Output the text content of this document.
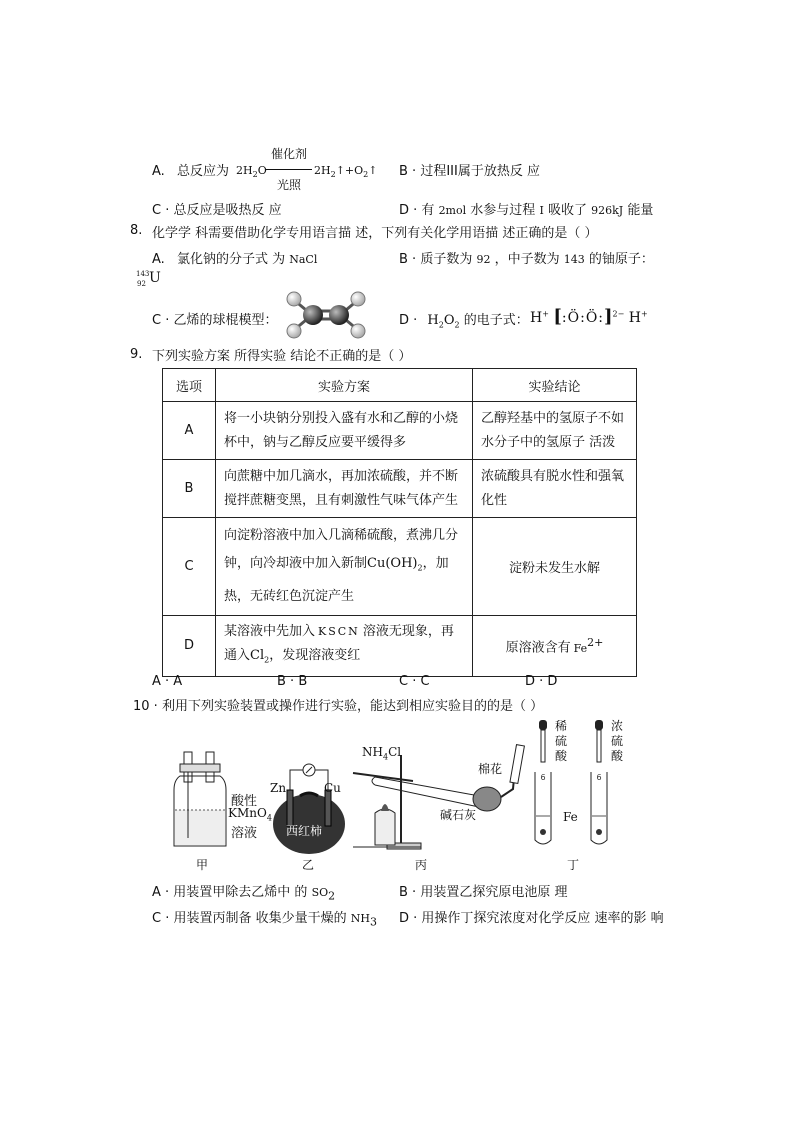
A. 总反应为 $2H_2O$
催化剂
光照
$2H_2↑+O_2↑$ B · 过程III属于放热反 应
C · 总反应是吸热反 应	D · 有 2mol 水参与过程 I 吸收了 926kJ 能量
8. 化学学 科需要借助化学专用语言描 述，下列有关化学用语描 述正确的是（ ）
A. 氯化钠的分子式 为 NaCl	B · 质子数为 92 ，中子数为 143 的铀原子：
143
92 U
C · 乙烯的球棍模型：	$D \cdot H_2O_2$ 的电子式： H+ [:Ö:Ö:]$^{2-}$ H+
9. 下列实验方案 所得实验 结论不正确的是（ ）
选项	实验方案	实验结论
A	将一小块钠分别投入盛有水和乙醇的小烧杯中，钠与乙醇反应要平缓得多	乙醇羟基中的氢原子不如水分子中的氢原子 活泼

B	向蔗糖中加几滴水，再加浓硫酸，并不断搅拌蔗糖变黑，且有刺激性气味气体产生	浓硫酸具有脱水性和强氧化性

C	向淀粉溶液中加入几滴稀硫酸，煮沸几分钟，向冷却液中加入新制$Cu(OH)_2$，加热，无砖红色沉淀产生	淀粉未发生水解
D	某溶液中先加入 KSCN 溶液无现象，再 通入$Cl_2$，发现溶液变红	原溶液含有 $Fe^{2+}$
A · A	B · B	C · C	D · D
10 · 利用下列实验装置或操作进行实验，能达到相应实验目的的是（ ）
酸性
KMnO$_4$
溶液
甲
Zn	Cu
西红柿
乙
$NH_4Cl$
棉花
碱石灰
丙
6	6
稀
硫
酸
浓
硫
酸
Fe
丁
A · 用装置甲除去乙烯中 的 $SO_2$	B · 用装置乙探究原电池原 理
C · 用装置丙制备 收集少量干燥的 $NH_3$ D · 用操作丁探究浓度对化学反应 速率的影 响
